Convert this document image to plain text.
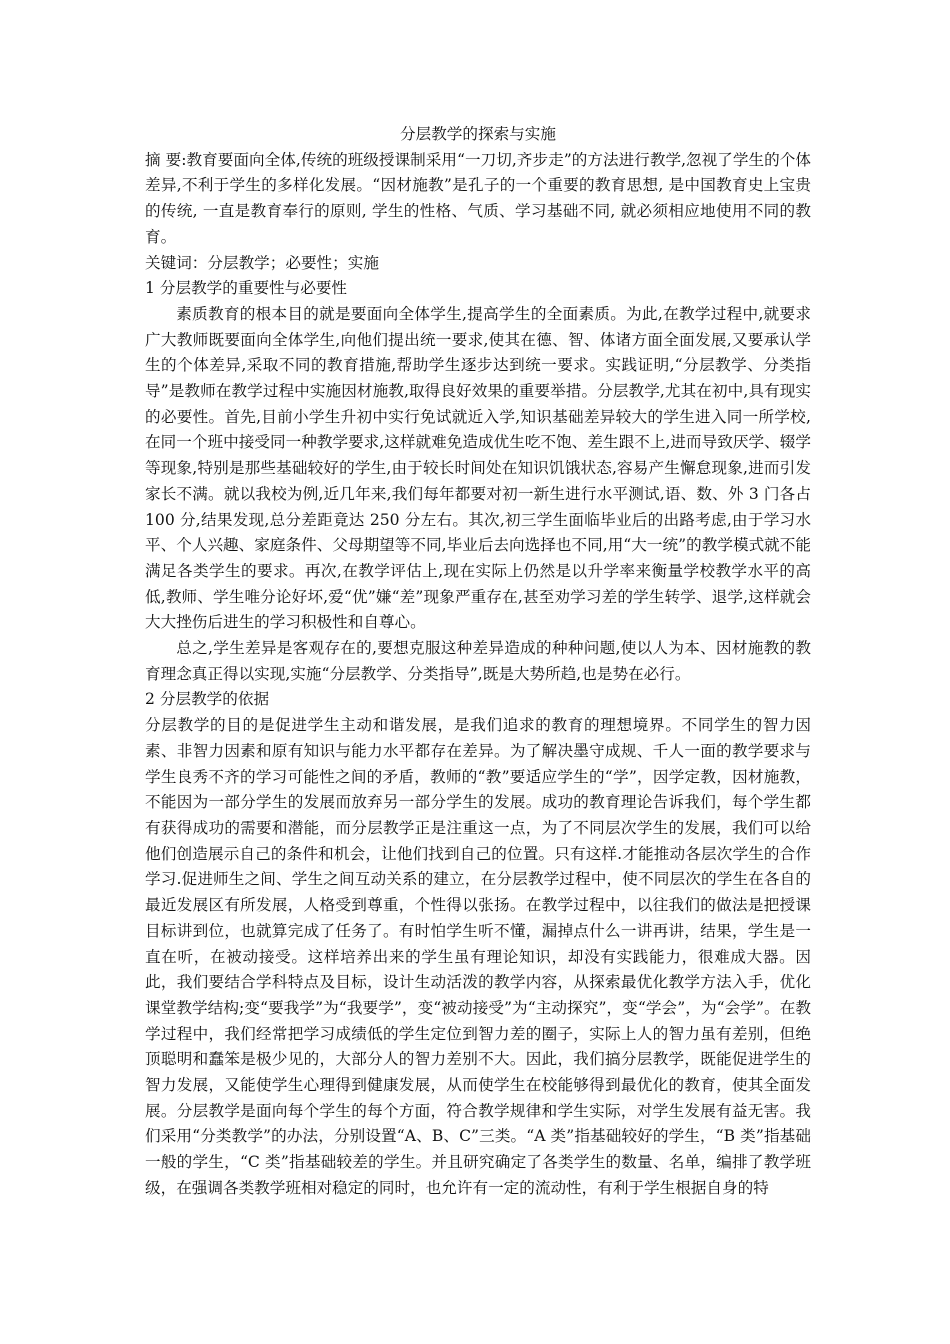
分层教学的探索与实施

摘 要:教育要面向全体,传统的班级授课制采用“一刀切,齐步走”的方法进行教学,忽视了学生的个体差异,不利于学生的多样化发展。“因材施教”是孔子的一个重要的教育思想, 是中国教育史上宝贵的传统, 一直是教育奉行的原则, 学生的性格、气质、学习基础不同, 就必须相应地使用不同的教育。

关键词：分层教学；必要性；实施

1 分层教学的重要性与必要性

素质教育的根本目的就是要面向全体学生,提高学生的全面素质。为此,在教学过程中,就要求广大教师既要面向全体学生,向他们提出统一要求,使其在德、智、体诸方面全面发展,又要承认学生的个体差异,采取不同的教育措施,帮助学生逐步达到统一要求。实践证明,“分层教学、分类指导”是教师在教学过程中实施因材施教,取得良好效果的重要举措。分层教学,尤其在初中,具有现实的必要性。首先,目前小学生升初中实行免试就近入学,知识基础差异较大的学生进入同一所学校,在同一个班中接受同一种教学要求,这样就难免造成优生吃不饱、差生跟不上,进而导致厌学、辍学等现象,特别是那些基础较好的学生,由于较长时间处在知识饥饿状态,容易产生懈怠现象,进而引发家长不满。就以我校为例,近几年来,我们每年都要对初一新生进行水平测试,语、数、外 3 门各占 100 分,结果发现,总分差距竟达 250 分左右。其次,初三学生面临毕业后的出路考虑,由于学习水平、个人兴趣、家庭条件、父母期望等不同,毕业后去向选择也不同,用“大一统”的教学模式就不能满足各类学生的要求。再次,在教学评估上,现在实际上仍然是以升学率来衡量学校教学水平的高低,教师、学生唯分论好坏,爱“优”嫌“差”现象严重存在,甚至劝学习差的学生转学、退学,这样就会大大挫伤后进生的学习积极性和自尊心。

总之,学生差异是客观存在的,要想克服这种差异造成的种种问题,使以人为本、因材施教的教育理念真正得以实现,实施“分层教学、分类指导”,既是大势所趋,也是势在必行。

2 分层教学的依据

分层教学的目的是促进学生主动和谐发展，是我们追求的教育的理想境界。不同学生的智力因素、非智力因素和原有知识与能力水平都存在差异。为了解决墨守成规、千人一面的教学要求与学生良秀不齐的学习可能性之间的矛盾，教师的“教”要适应学生的“学”，因学定教，因材施教，不能因为一部分学生的发展而放弃另一部分学生的发展。成功的教育理论告诉我们，每个学生都有获得成功的需要和潜能，而分层教学正是注重这一点，为了不同层次学生的发展，我们可以给他们创造展示自己的条件和机会，让他们找到自己的位置。只有这样.才能推动各层次学生的合作学习.促进师生之间、学生之间互动关系的建立，在分层教学过程中，使不同层次的学生在各自的最近发展区有所发展，人格受到尊重，个性得以张扬。在教学过程中，以往我们的做法是把授课目标讲到位，也就算完成了任务了。有时怕学生听不懂，漏掉点什么一讲再讲，结果，学生是一直在听，在被动接受。这样培养出来的学生虽有理论知识，却没有实践能力，很难成大器。因此，我们要结合学科特点及目标，设计生动活泼的教学内容，从探索最优化教学方法入手，优化课堂教学结构;变“要我学”为“我要学”，变“被动接受”为“主动探究”，变“学会”，为“会学”。在教学过程中，我们经常把学习成绩低的学生定位到智力差的圈子，实际上人的智力虽有差别，但绝顶聪明和蠢笨是极少见的，大部分人的智力差别不大。因此，我们搞分层教学，既能促进学生的智力发展，又能使学生心理得到健康发展，从而使学生在校能够得到最优化的教育，使其全面发展。分层教学是面向每个学生的每个方面，符合教学规律和学生实际，对学生发展有益无害。我们采用“分类教学”的办法，分别设置“A、B、C”三类。“A 类”指基础较好的学生，“B 类”指基础一般的学生，“C 类”指基础较差的学生。并且研究确定了各类学生的数量、名单，编排了教学班级，在强调各类教学班相对稳定的同时，也允许有一定的流动性，有利于学生根据自身的特
